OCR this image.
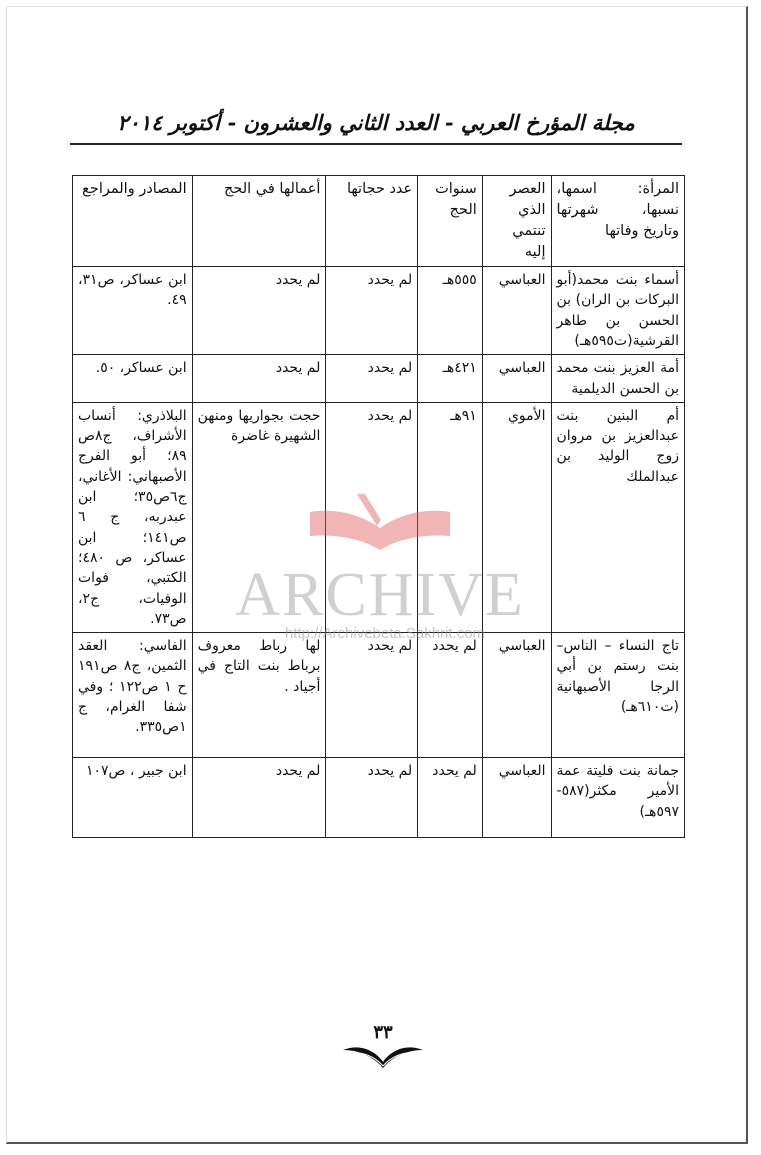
مجلة المؤرخ العربي - العدد الثاني والعشرون - أكتوبر ٢٠١٤
المرأة: اسمها، نسبها، شهرتها وتاريخ وفاتها	العصر الذي تنتمي إليه	سنوات الحج	عدد حجاتها	أعمالها في الحج	المصادر والمراجع
أسماء بنت محمد(أبو البركات بن الران) بن الحسن بن طاهر القرشية(ت٥٩٥هـ)	العباسي	٥٥٥هـ	لم يحدد	لم يحدد	ابن عساكر، ص٣١، ٤٩.
أمة العزيز بنت محمد بن الحسن الديلمية	العباسي	٤٢١هـ	لم يحدد	لم يحدد	ابن عساكر، ٥٠.
أم البنين بنت عبدالعزيز بن مروان زوج الوليد بن عبدالملك	الأموي	٩١هـ	لم يحدد	حجت بجواريها ومنهن الشهيرة غاضرة	البلاذري: أنساب الأشراف، ج٨ص ٨٩؛ أبو الفرج الأصبهاني: الأغاني، ج٦ص٣٥؛ ابن عبدربه، ج ٦ ص١٤١؛ ابن عساكر، ص ٤٨٠؛ الكتبي، فوات الوفيات، ج٢، ص٧٣.
تاج النساء – الناس– بنت رستم بن أبي الرجا الأصبهانية (ت٦١٠هـ)	العباسي	لم يحدد	لم يحدد	لها رباط معروف برباط بنت التاج في أجياد .	الفاسي: العقد الثمين، ج٨ ص١٩١ ح ١ ص١٢٢ ؛ وفي شفا الغرام، ج ١ص٣٣٥.
جمانة بنت فليتة عمة الأمير مكثر(٥٨٧- ٥٩٧هـ)	العباسي	لم يحدد	لم يحدد	لم يحدد	ابن جبير ، ص١٠٧
ARCHIVE
http://Archivebeta.Sakhrit.com
٣٣
